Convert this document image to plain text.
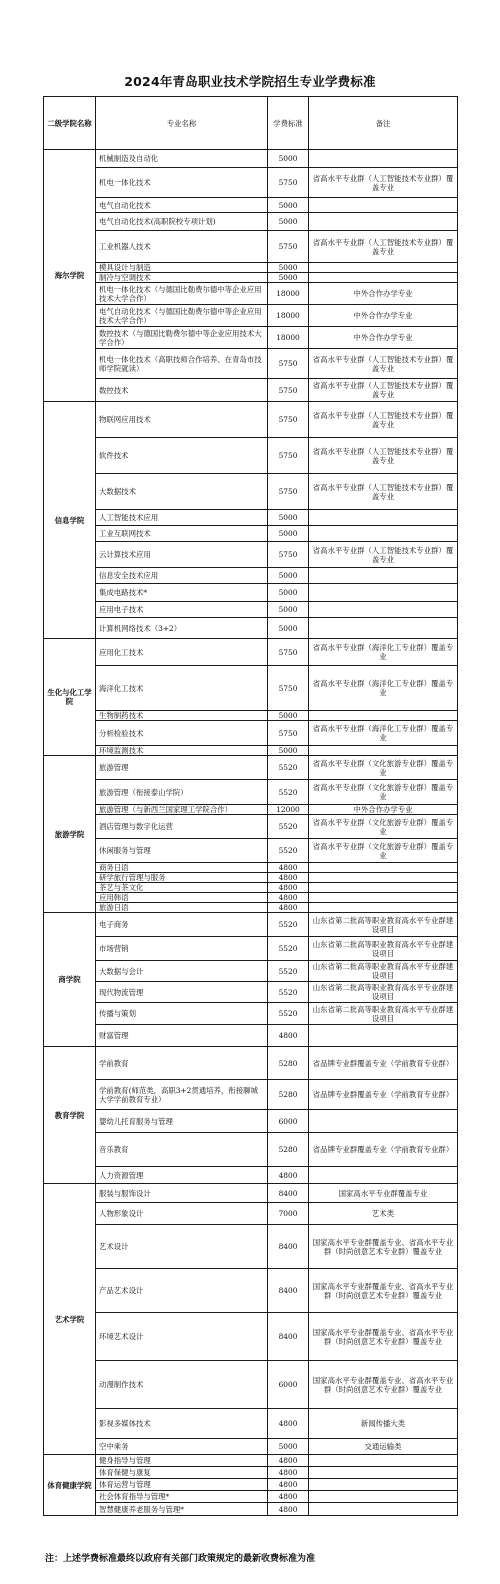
2024年青岛职业技术学院招生专业学费标准
二级学院名称	专业名称	学费标准	备注
海尔学院	机械制造及自动化	5000	
	机电一体化技术	5750	省高水平专业群（人工智能技术专业群）覆盖专业
	电气自动化技术	5000	
	电气自动化技术(高职院校专项计划)	5000	
	工业机器人技术	5750	省高水平专业群（人工智能技术专业群）覆盖专业
	模具设计与制造	5000	
	制冷与空调技术	5000	
	机电一体化技术（与德国比勒费尔德中等企业应用技术大学合作）	18000	中外合作办学专业
	电气自动化技术（与德国比勒费尔德中等企业应用技术大学合作）	18000	中外合作办学专业
	数控技术（与德国比勒费尔德中等企业应用技术大学合作）	18000	中外合作办学专业
	机电一体化技术（高职技师合作培养、在青岛市技师学院就读）	5750	省高水平专业群（人工智能技术专业群）覆盖专业
	数控技术	5750	省高水平专业群（人工智能技术专业群）覆盖专业
信息学院	物联网应用技术	5750	省高水平专业群（人工智能技术专业群）覆盖专业
	软件技术	5750	省高水平专业群（人工智能技术专业群）覆盖专业
	大数据技术	5750	省高水平专业群（人工智能技术专业群）覆盖专业
	人工智能技术应用	5000	
	工业互联网技术	5000	
	云计算技术应用	5750	省高水平专业群（人工智能技术专业群）覆盖专业
	信息安全技术应用	5000	
	集成电路技术*	5000	
	应用电子技术	5000	
	计算机网络技术（3+2）	5000	
生化与化工学院	应用化工技术	5750	省高水平专业群（海洋化工专业群）覆盖专业
	海洋化工技术	5750	省高水平专业群（海洋化工专业群）覆盖专业
	生物制药技术	5000	
	分析检验技术	5750	省高水平专业群（海洋化工专业群）覆盖专业
	环境监测技术	5000	
旅游学院	旅游管理	5520	省高水平专业群（文化旅游专业群）覆盖专业
	旅游管理（衔接泰山学院）	5520	省高水平专业群（文化旅游专业群）覆盖专业
	旅游管理（与新西兰国家理工学院合作）	12000	中外合作办学专业
	酒店管理与数字化运营	5520	省高水平专业群（文化旅游专业群）覆盖专业
	休闲服务与管理	5520	省高水平专业群（文化旅游专业群）覆盖专业
	商务日语	4800	
	研学旅行管理与服务	4800	
	茶艺与茶文化	4800	
	应用韩语	4800	
	旅游日语	4800	
商学院	电子商务	5520	山东省第二批高等职业教育高水平专业群建设项目
	市场营销	5520	山东省第二批高等职业教育高水平专业群建设项目
	大数据与会计	5520	山东省第二批高等职业教育高水平专业群建设项目
	现代物流管理	5520	山东省第二批高等职业教育高水平专业群建设项目
	传播与策划	5520	山东省第二批高等职业教育高水平专业群建设项目
	财富管理	4800	
教育学院	学前教育	5280	省品牌专业群覆盖专业（学前教育专业群）
	学前教育(师范类，高职3+2贯通培养，衔接聊城大学学前教育专业）	5280	省品牌专业群覆盖专业（学前教育专业群）
	婴幼儿托育服务与管理	6000	
	音乐教育	5280	省品牌专业群覆盖专业（学前教育专业群）
	人力资源管理	4800	
艺术学院	服装与服饰设计	8400	国家高水平专业群覆盖专业
	人物形象设计	7000	艺术类
	艺术设计	8400	国家高水平专业群覆盖专业、省高水平专业群（时尚创意艺术专业群）覆盖专业
	产品艺术设计	8400	国家高水平专业群覆盖专业、省高水平专业群（时尚创意艺术专业群）覆盖专业
	环境艺术设计	8400	国家高水平专业群覆盖专业、省高水平专业群（时尚创意艺术专业群）覆盖专业
	动漫制作技术	6000	国家高水平专业群覆盖专业、省高水平专业群（时尚创意艺术专业群）覆盖专业
	影视多媒体技术	4800	新闻传播大类
	空中乘务	5000	交通运输类
体育健康学院	健身指导与管理	4800	
	体育保健与康复	4800	
	体育运营与管理	4800	
	社会体育指导与管理*	4800	
	智慧健康养老服务与管理*	4800	
注：上述学费标准最终以政府有关部门政策规定的最新收费标准为准
